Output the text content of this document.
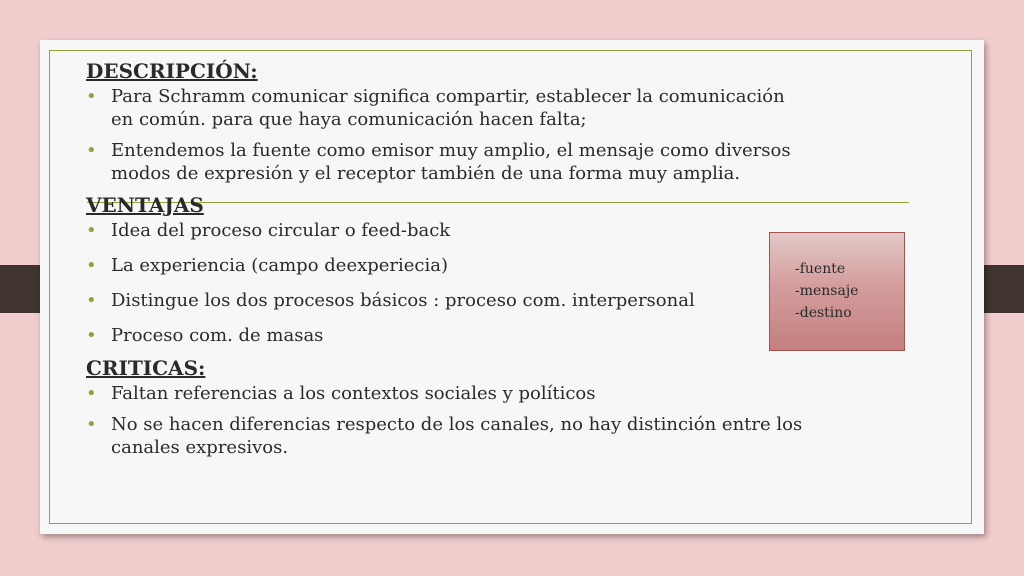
DESCRIPCIÓN:

• Para Schramm comunicar significa compartir, establecer la comunicación en común. para que haya comunicación hacen falta;
• Entendemos la fuente como emisor muy amplio, el mensaje como diversos modos de expresión y el receptor también de una forma muy amplia.

VENTAJAS

• Idea del proceso circular o feed-back
• La experiencia (campo deexperiecia)
• Distingue los dos procesos básicos : proceso com. interpersonal
• Proceso com. de masas

CRITICAS:

• Faltan referencias a los contextos sociales y políticos
• No se hacen diferencias respecto de los canales, no hay distinción entre los canales expresivos.
-fuente
-mensaje
-destino
